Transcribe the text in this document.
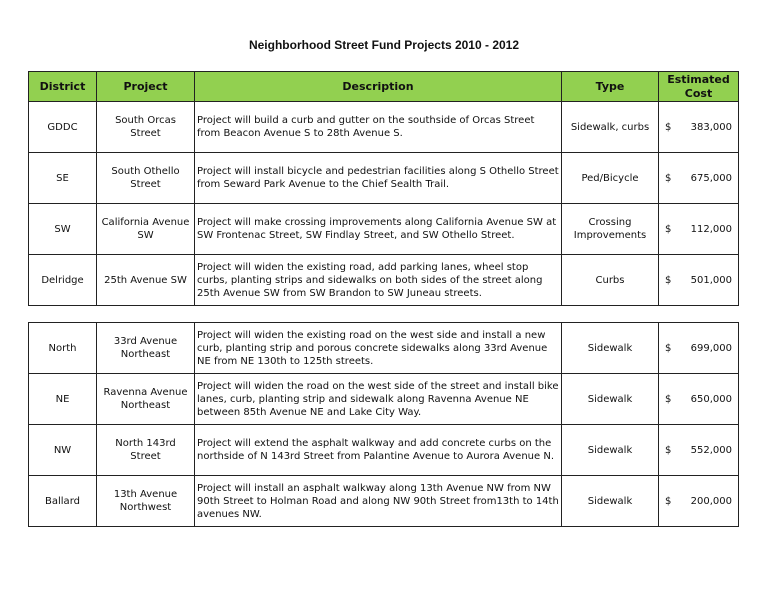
Neighborhood Street Fund Projects 2010 - 2012
District	Project	Description	Type	Estimated Cost
GDDC	South Orcas Street	Project will build a curb and gutter on the southside of Orcas Street from Beacon Avenue S to 28th Avenue S.	Sidewalk, curbs	$ 383,000

SE	South Othello Street	Project will install bicycle and pedestrian facilities along S Othello Street from Seward Park Avenue to the Chief Sealth Trail.	Ped/Bicycle	$ 675,000

SW	California Avenue SW	Project will make crossing improvements along California Avenue SW at SW Frontenac Street, SW Findlay Street, and SW Othello Street.	Crossing Improvements	$ 112,000

Delridge	25th Avenue SW	Project will widen the existing road, add parking lanes, wheel stop curbs, planting strips and sidewalks on both sides of the street along 25th Avenue SW from SW Brandon to SW Juneau streets.	Curbs	$ 501,000
North	33rd Avenue Northeast	Project will widen the existing road on the west side and install a new curb, planting strip and porous concrete sidewalks along 33rd Avenue NE from NE 130th to 125th streets.	Sidewalk	$ 699,000

NE	Ravenna Avenue Northeast	Project will widen the road on the west side of the street and install bike lanes, curb, planting strip and sidewalk along Ravenna Avenue NE between 85th Avenue NE and Lake City Way.	Sidewalk	$ 650,000

NW	North 143rd Street	Project will extend the asphalt walkway and add concrete curbs on the northside of N 143rd Street from Palantine Avenue to Aurora Avenue N.	Sidewalk	$ 552,000

Ballard	13th Avenue Northwest	Project will install an asphalt walkway along 13th Avenue NW from NW 90th Street to Holman Road and along NW 90th Street from13th to 14th avenues NW.	Sidewalk	$ 200,000
